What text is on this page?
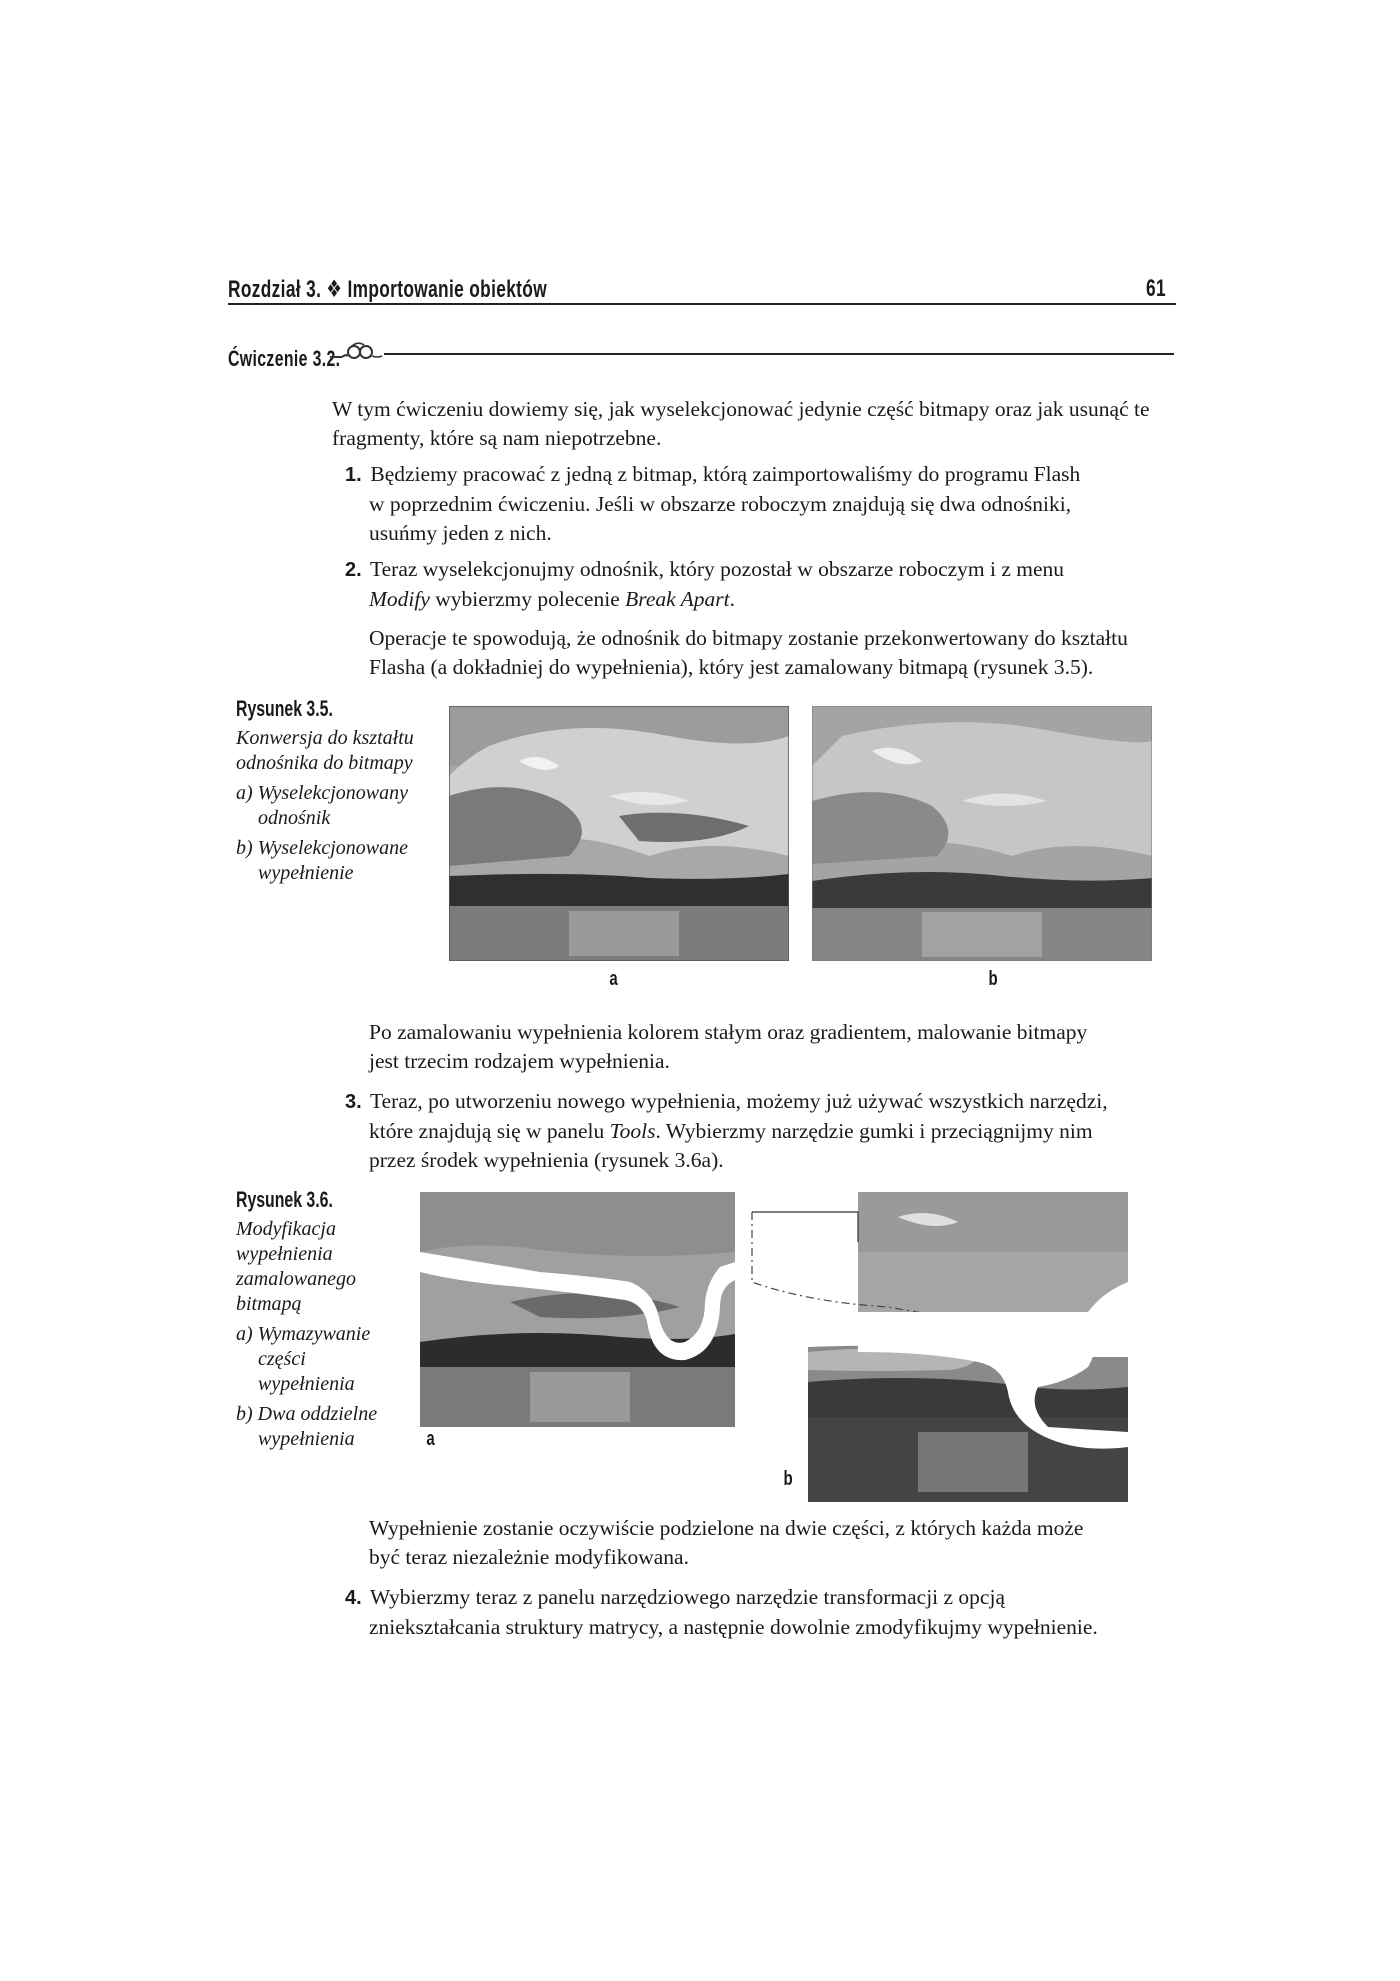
Rozdział 3. ❖ Importowanie obiektów	61
Ćwiczenie 3.2.
W tym ćwiczeniu dowiemy się, jak wyselekcjonować jedynie część bitmapy oraz jak usunąć te fragmenty, które są nam niepotrzebne.
1. Będziemy pracować z jedną z bitmap, którą zaimportowaliśmy do programu Flash
w poprzednim ćwiczeniu. Jeśli w obszarze roboczym znajdują się dwa odnośniki,
usuńmy jeden z nich.
2. Teraz wyselekcjonujmy odnośnik, który pozostał w obszarze roboczym i z menu
Modify wybierzmy polecenie Break Apart.
Operacje te spowodują, że odnośnik do bitmapy zostanie przekonwertowany do kształtu
Flasha (a dokładniej do wypełnienia), który jest zamalowany bitmapą (rysunek 3.5).
Rysunek 3.5.
Konwersja do kształtu
odnośnika do bitmapy
a) Wyselekcjonowany
odnośnik
b) Wyselekcjonowane
wypełnienie
a	b
Po zamalowaniu wypełnienia kolorem stałym oraz gradientem, malowanie bitmapy
jest trzecim rodzajem wypełnienia.
3. Teraz, po utworzeniu nowego wypełnienia, możemy już używać wszystkich narzędzi,
które znajdują się w panelu Tools. Wybierzmy narzędzie gumki i przeciągnijmy nim
przez środek wypełnienia (rysunek 3.6a).
Rysunek 3.6.
Modyfikacja
wypełnienia
zamalowanego
bitmapą
a) Wymazywanie
części
wypełnienia
b) Dwa oddzielne
wypełnienia	a
b
Wypełnienie zostanie oczywiście podzielone na dwie części, z których każda może
być teraz niezależnie modyfikowana.
4. Wybierzmy teraz z panelu narzędziowego narzędzie transformacji z opcją
zniekształcania struktury matrycy, a następnie dowolnie zmodyfikujmy wypełnienie.
